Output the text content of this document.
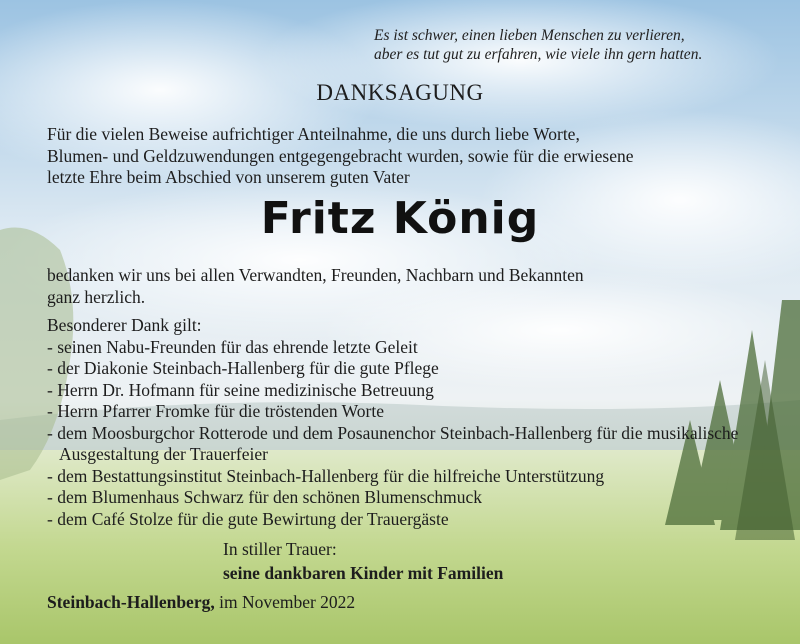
Es ist schwer, einen lieben Menschen zu verlieren,
aber es tut gut zu erfahren, wie viele ihn gern hatten.
DANKSAGUNG
Für die vielen Beweise aufrichtiger Anteilnahme, die uns durch liebe Worte,
Blumen- und Geldzuwendungen entgegengebracht wurden, sowie für die erwiesene
letzte Ehre beim Abschied von unserem guten Vater
Fritz König
bedanken wir uns bei allen Verwandten, Freunden, Nachbarn und Bekannten
ganz herzlich.
Besonderer Dank gilt:
- seinen Nabu-Freunden für das ehrende letzte Geleit
- der Diakonie Steinbach-Hallenberg für die gute Pflege
- Herrn Dr. Hofmann für seine medizinische Betreuung
- Herrn Pfarrer Fromke für die tröstenden Worte
- dem Moosburgchor Rotterode und dem Posaunenchor Steinbach-Hallenberg für die musikalische Ausgestaltung der Trauerfeier
- dem Bestattungsinstitut Steinbach-Hallenberg für die hilfreiche Unterstützung
- dem Blumenhaus Schwarz für den schönen Blumenschmuck
- dem Café Stolze für die gute Bewirtung der Trauergäste
In stiller Trauer:
seine dankbaren Kinder mit Familien
Steinbach-Hallenberg, im November 2022
